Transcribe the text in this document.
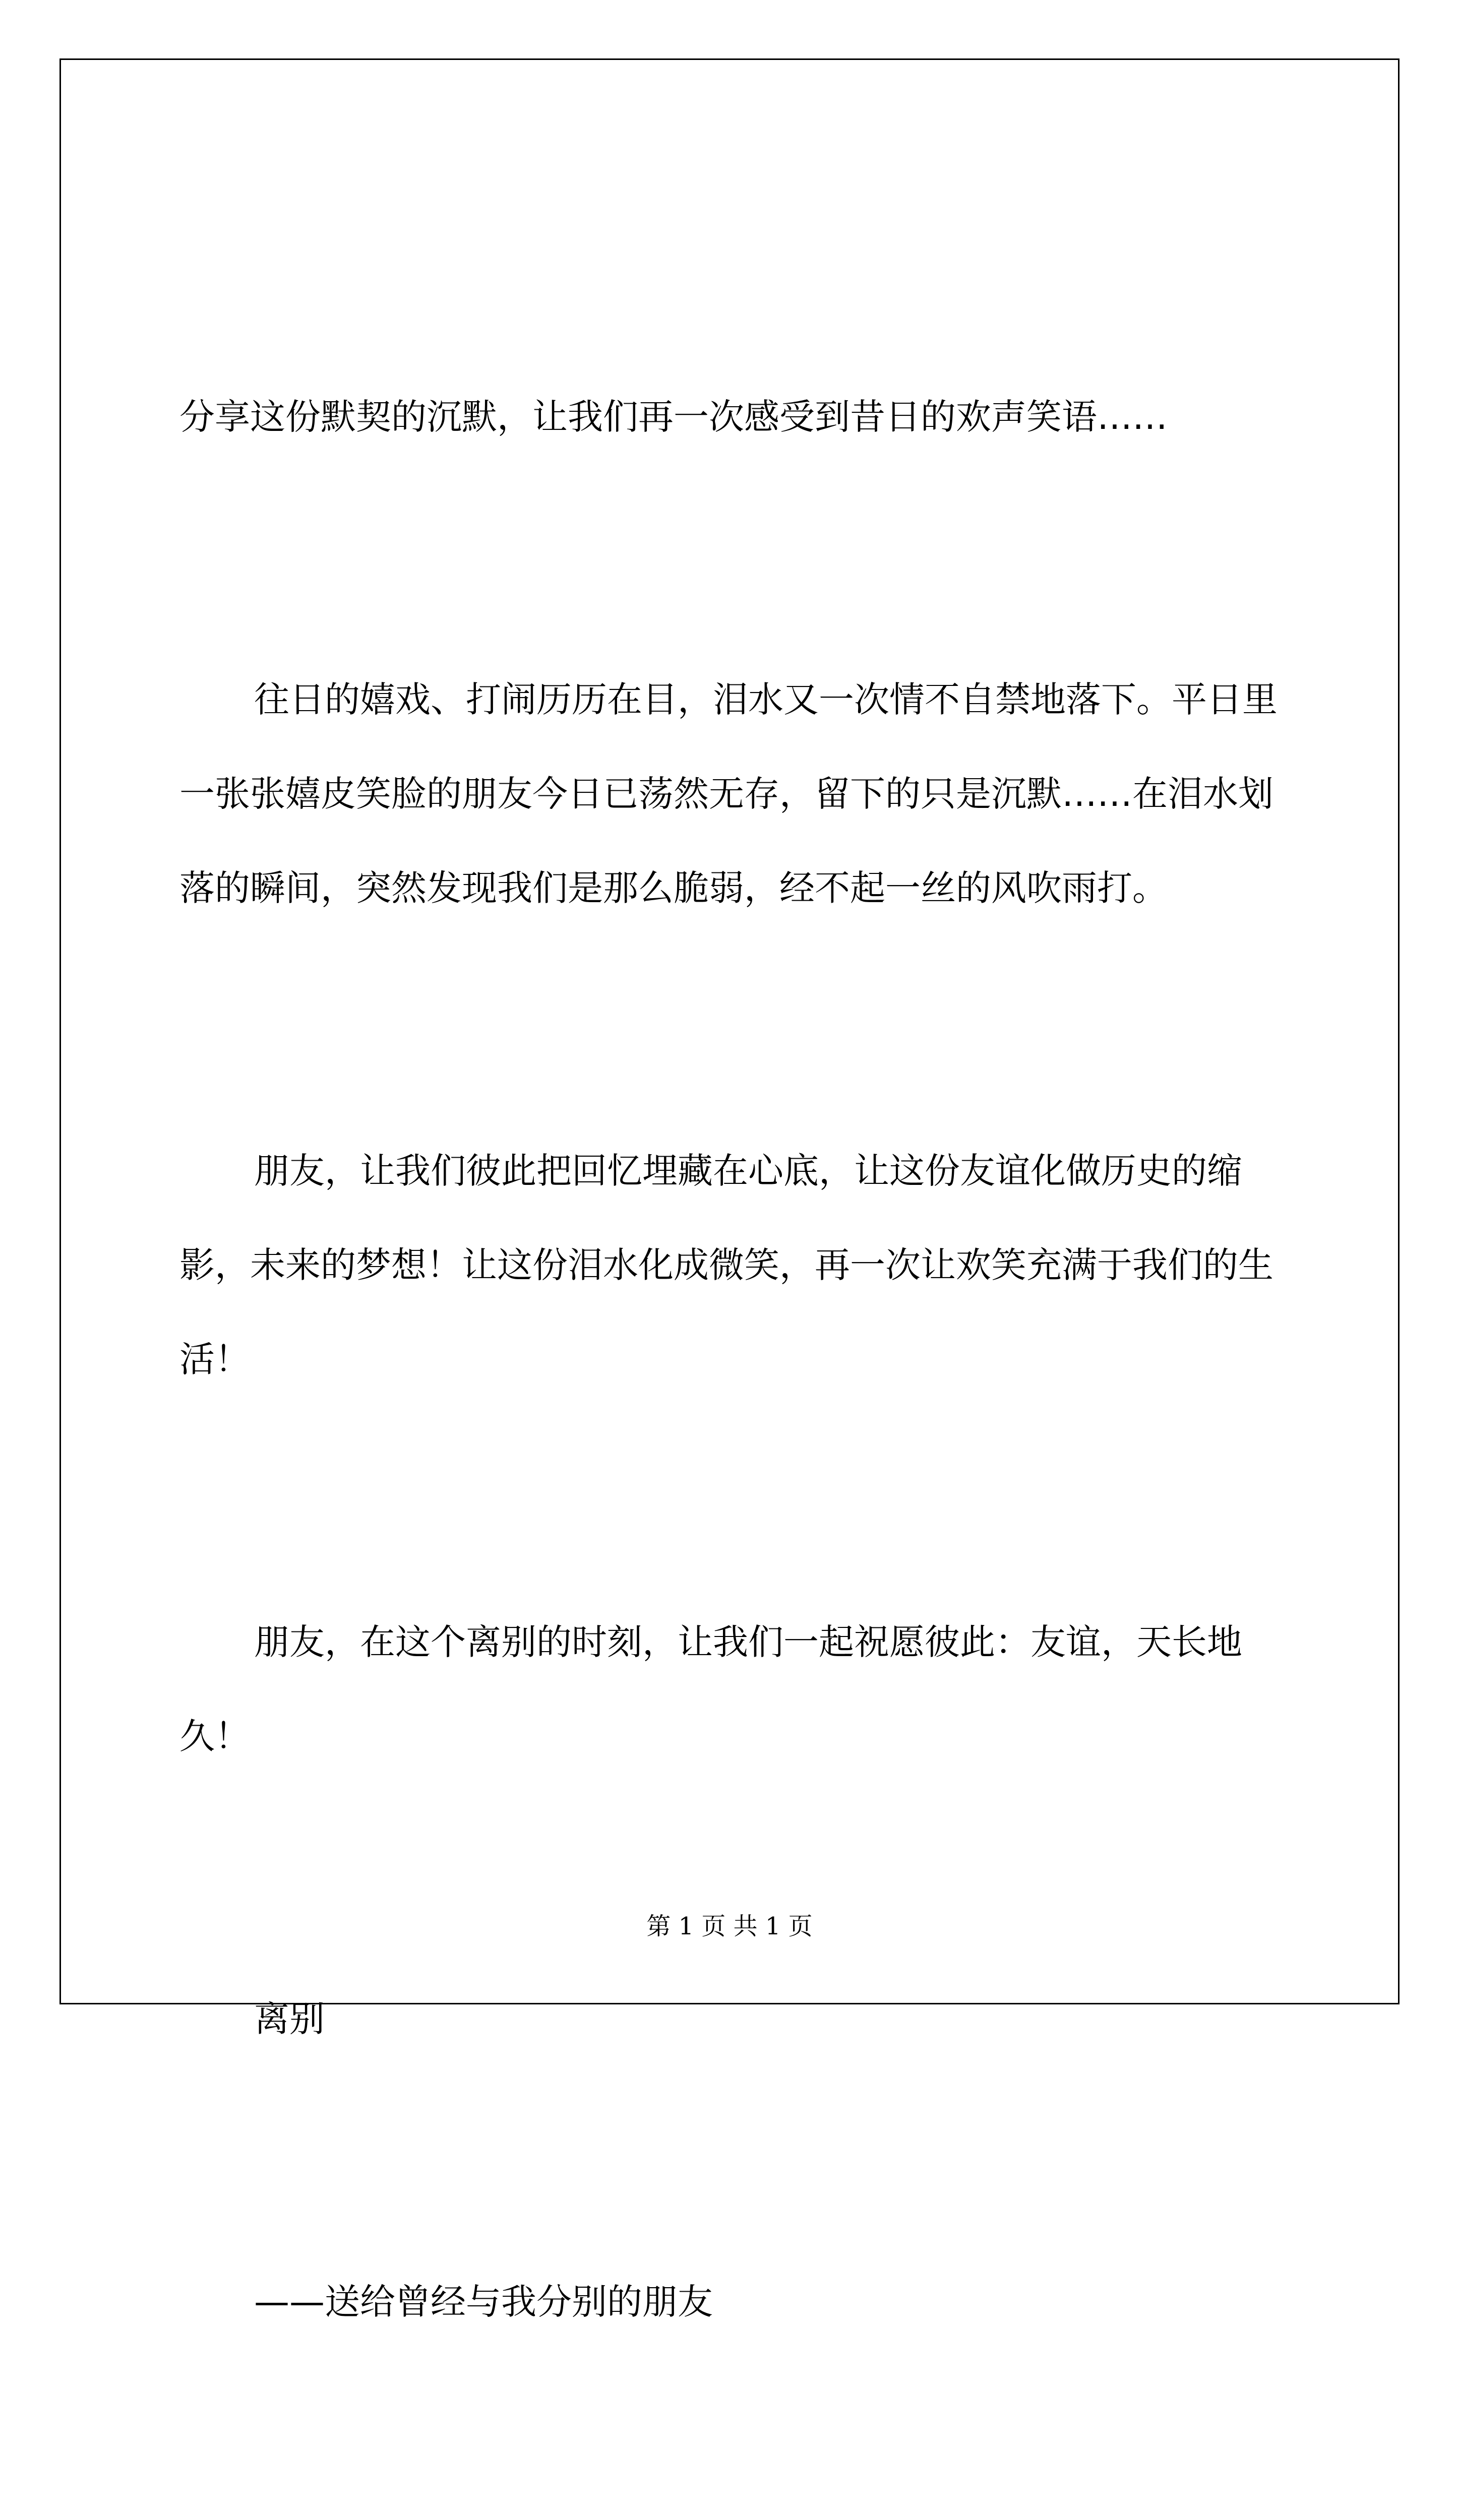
分享这份默契的沉默，让我们再一次感受到昔日的欢声笑语……

往日的嬉戏、打闹历历在目，泪水又一次情不自禁地落下。平日里一张张嬉皮笑脸的朋友今日已荡然无存，留下的只是沉默……在泪水划落的瞬间，突然发现我们是那么脆弱，经不起一丝的风吹雨打。

朋友，让我们彼此把回忆埋藏在心底，让这份友谊化做历史的缩影，未来的梦想！让这份泪水化成微笑，再一次让欢笑充满于我们的生活！

朋友，在这个离别的时刻，让我们一起祝愿彼此：友谊，天长地久！

离别

——送给曾经与我分别的朋友

第 1 页 共 1 页
